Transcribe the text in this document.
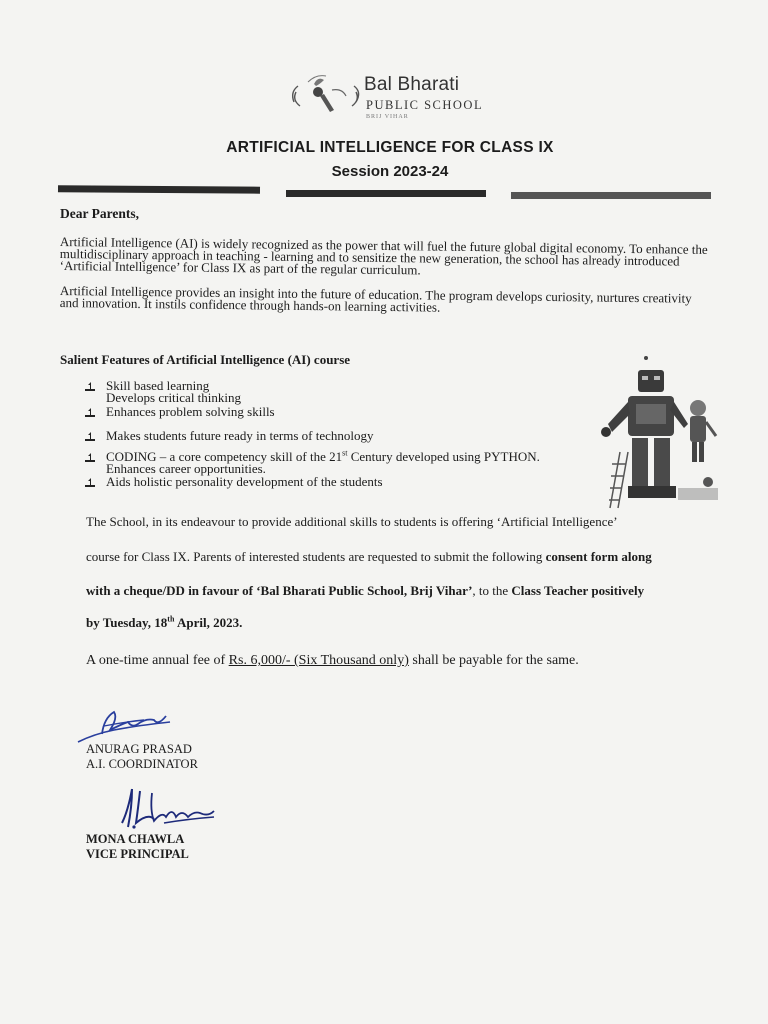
Bal Bharati
PUBLIC SCHOOL
BRIJ VIHAR
ARTIFICIAL INTELLIGENCE FOR CLASS IX
Session 2023-24
Dear Parents,
Artificial Intelligence (AI) is widely recognized as the power that will fuel the future global digital economy. To enhance the multidisciplinary approach in teaching - learning and to sensitize the new generation, the school has already introduced ‘Artificial Intelligence’ for Class IX as part of the regular curriculum.
Artificial Intelligence provides an insight into the future of education. The program develops curiosity, nurtures creativity and innovation. It instils confidence through hands-on learning activities.
Salient Features of Artificial Intelligence (AI) course
Skill based learning
Develops critical thinking
Enhances problem solving skills
Makes students future ready in terms of technology
CODING – a core competency skill of the 21st Century developed using PYTHON.
Enhances career opportunities.
Aids holistic personality development of the students
The School, in its endeavour to provide additional skills to students is offering ‘Artificial Intelligence’
course for Class IX. Parents of interested students are requested to submit the following consent form along
with a cheque/DD in favour of ‘Bal Bharati Public School, Brij Vihar’, to the Class Teacher positively
by Tuesday, 18th April, 2023.
A one-time annual fee of Rs. 6,000/- (Six Thousand only) shall be payable for the same.
ANURAG PRASAD
A.I. COORDINATOR
MONA CHAWLA
VICE PRINCIPAL
